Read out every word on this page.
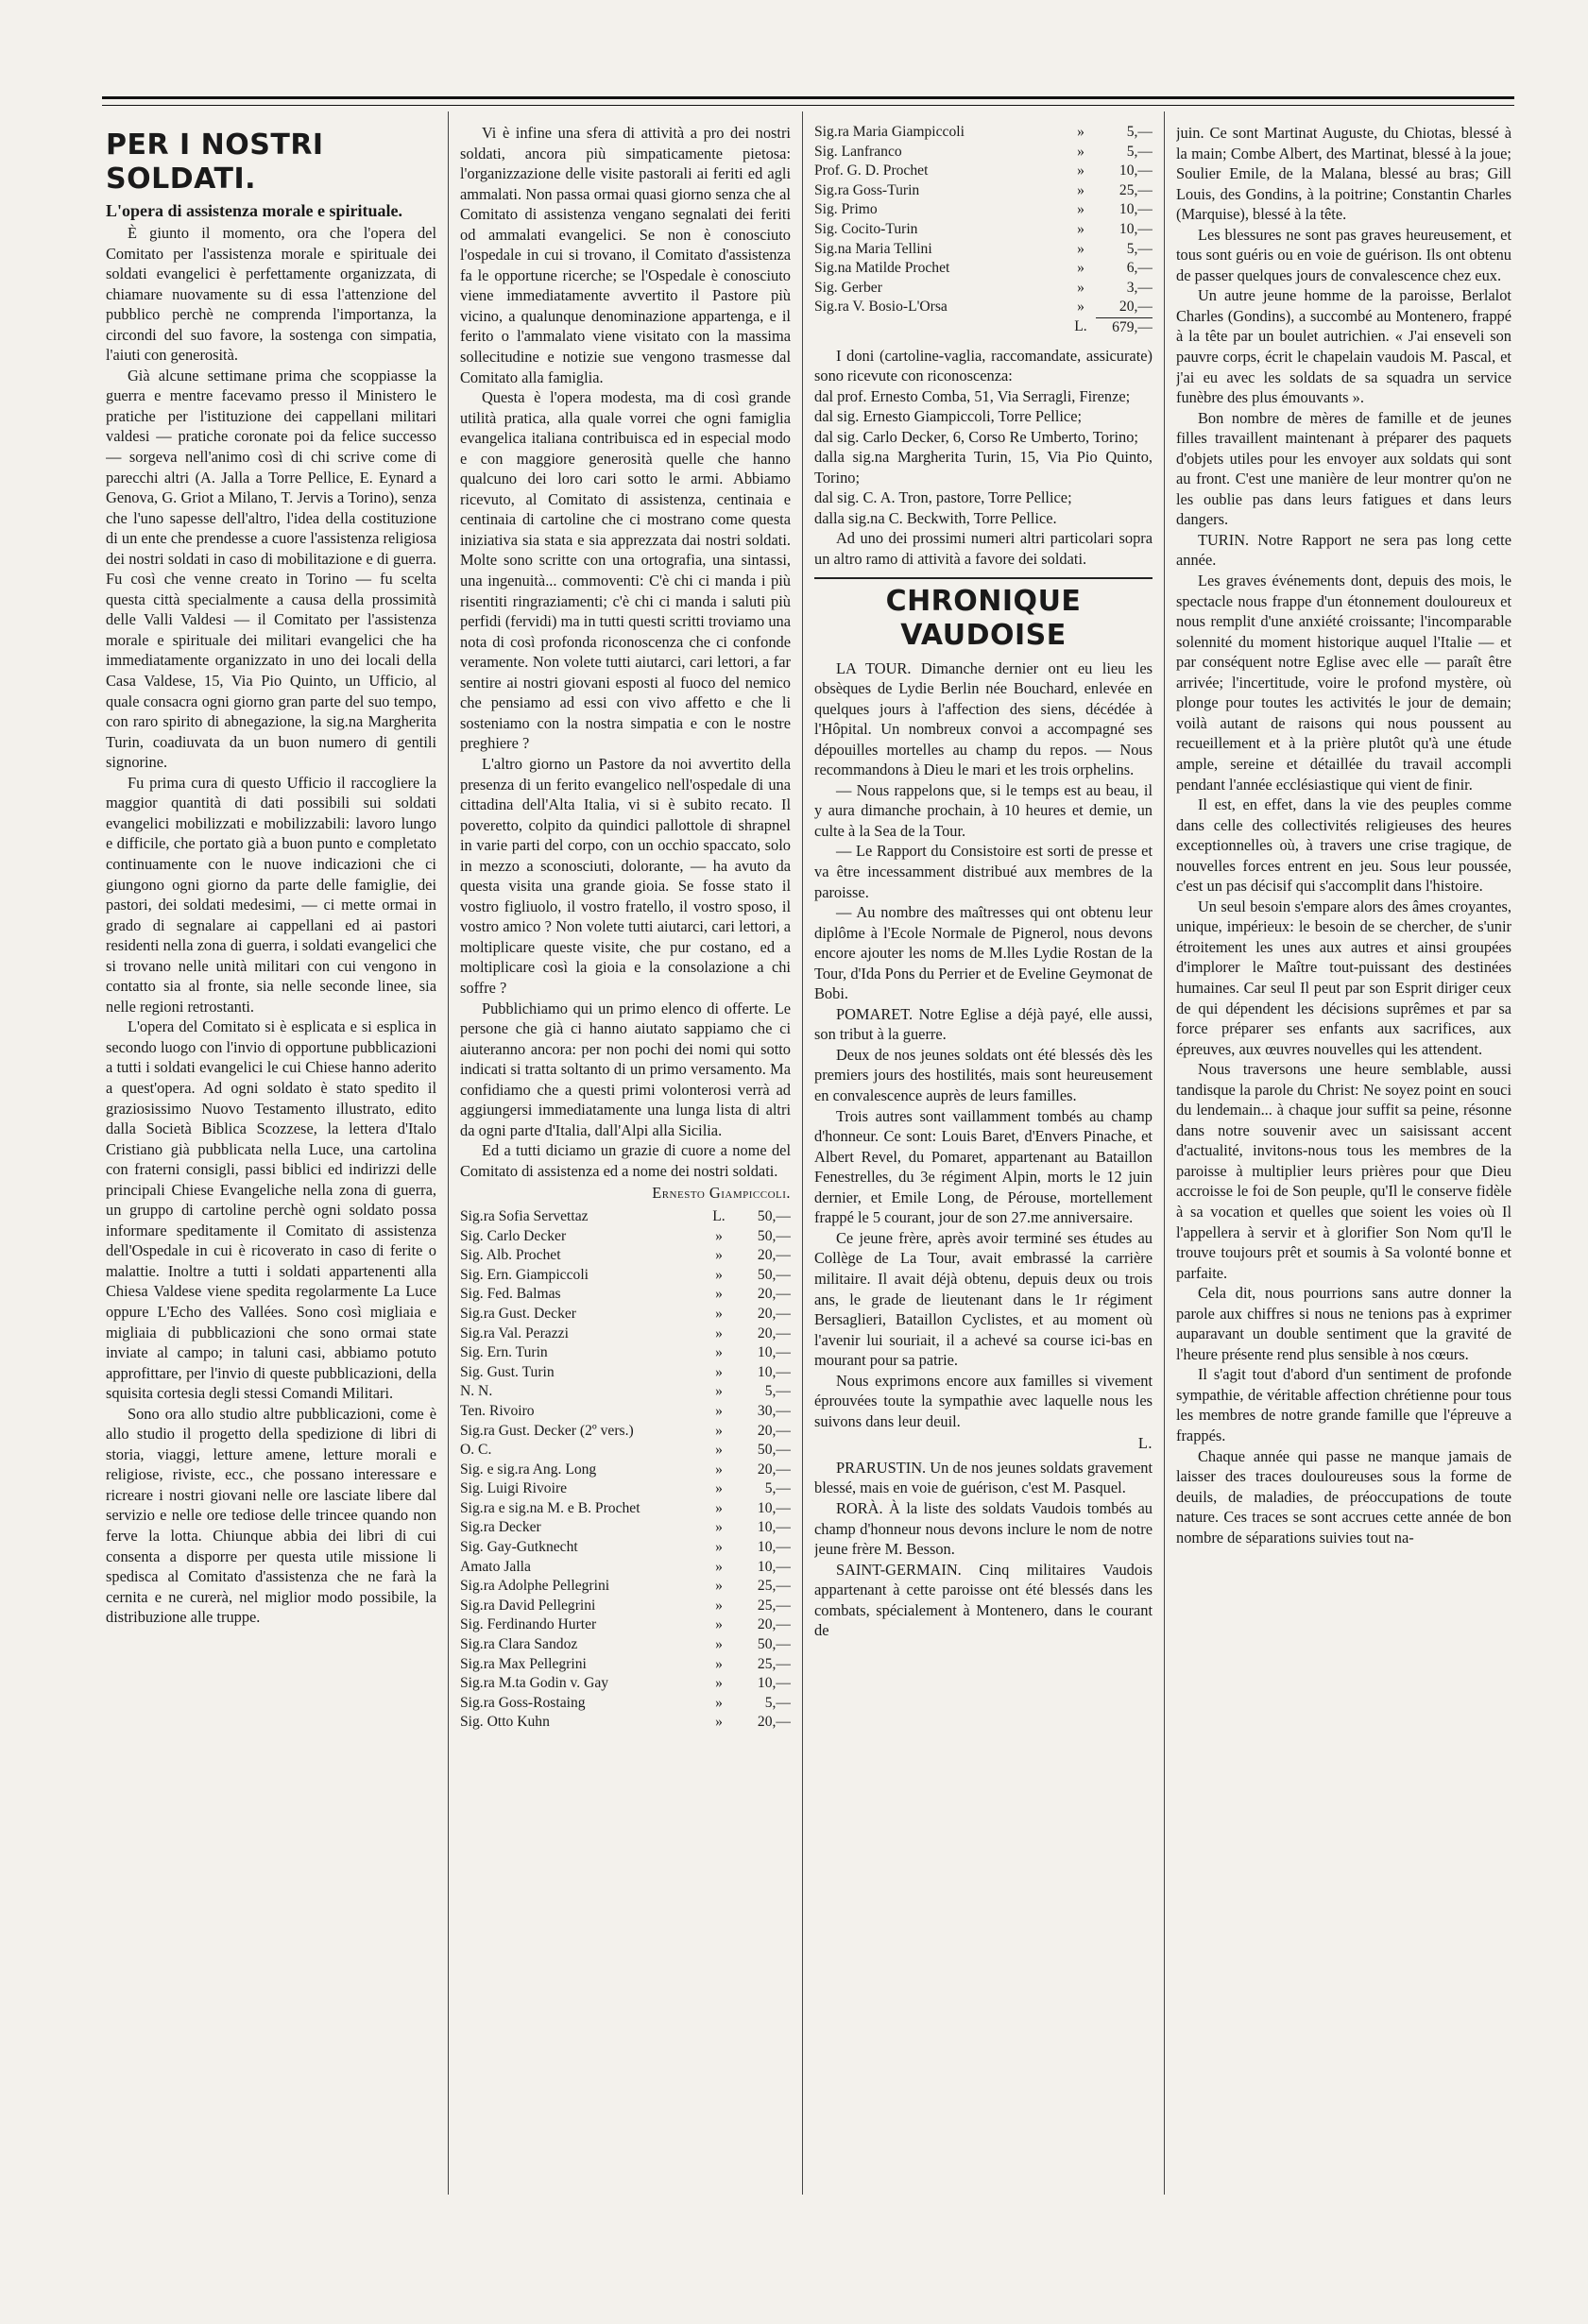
PER I NOSTRI SOLDATI.

L'opera di assistenza morale e spirituale.

È giunto il momento, ora che l'opera del Comitato per l'assistenza morale e spirituale dei soldati evangelici è perfettamente organizzata, di chiamare nuovamente su di essa l'attenzione del pubblico perchè ne comprenda l'importanza, la circondi del suo favore, la sostenga con simpatia, l'aiuti con generosità.

Già alcune settimane prima che scoppiasse la guerra e mentre facevamo presso il Ministero le pratiche per l'istituzione dei cappellani militari valdesi — pratiche coronate poi da felice successo — sorgeva nell'animo così di chi scrive come di parecchi altri (A. Jalla a Torre Pellice, E. Eynard a Genova, G. Griot a Milano, T. Jervis a Torino), senza che l'uno sapesse dell'altro, l'idea della costituzione di un ente che prendesse a cuore l'assistenza religiosa dei nostri soldati in caso di mobilitazione e di guerra. Fu così che venne creato in Torino — fu scelta questa città specialmente a causa della prossimità delle Valli Valdesi — il Comitato per l'assistenza morale e spirituale dei militari evangelici che ha immediatamente organizzato in uno dei locali della Casa Valdese, 15, Via Pio Quinto, un Ufficio, al quale consacra ogni giorno gran parte del suo tempo, con raro spirito di abnegazione, la sig.na Margherita Turin, coadiuvata da un buon numero di gentili signorine.

Fu prima cura di questo Ufficio il raccogliere la maggior quantità di dati possibili sui soldati evangelici mobilizzati e mobilizzabili: lavoro lungo e difficile, che portato già a buon punto e completato continuamente con le nuove indicazioni che ci giungono ogni giorno da parte delle famiglie, dei pastori, dei soldati medesimi, — ci mette ormai in grado di segnalare ai cappellani ed ai pastori residenti nella zona di guerra, i soldati evangelici che si trovano nelle unità militari con cui vengono in contatto sia al fronte, sia nelle seconde linee, sia nelle regioni retrostanti.

L'opera del Comitato si è esplicata e si esplica in secondo luogo con l'invio di opportune pubblicazioni a tutti i soldati evangelici le cui Chiese hanno aderito a quest'opera. Ad ogni soldato è stato spedito il graziosissimo Nuovo Testamento illustrato, edito dalla Società Biblica Scozzese, la lettera d'Italo Cristiano già pubblicata nella Luce, una cartolina con fraterni consigli, passi biblici ed indirizzi delle principali Chiese Evangeliche nella zona di guerra, un gruppo di cartoline perchè ogni soldato possa informare speditamente il Comitato di assistenza dell'Ospedale in cui è ricoverato in caso di ferite o malattie. Inoltre a tutti i soldati appartenenti alla Chiesa Valdese viene spedita regolarmente La Luce oppure L'Echo des Vallées. Sono così migliaia e migliaia di pubblicazioni che sono ormai state inviate al campo; in taluni casi, abbiamo potuto approfittare, per l'invio di queste pubblicazioni, della squisita cortesia degli stessi Comandi Militari.

Sono ora allo studio altre pubblicazioni, come è allo studio il progetto della spedizione di libri di storia, viaggi, letture amene, letture morali e religiose, riviste, ecc., che possano interessare e ricreare i nostri giovani nelle ore lasciate libere dal servizio e nelle ore tediose delle trincee quando non ferve la lotta. Chiunque abbia dei libri di cui consenta a disporre per questa utile missione li spedisca al Comitato d'assistenza che ne farà la cernita e ne curerà, nel miglior modo possibile, la distribuzione alle truppe.

Vi è infine una sfera di attività a pro dei nostri soldati, ancora più simpaticamente pietosa: l'organizzazione delle visite pastorali ai feriti ed agli ammalati. Non passa ormai quasi giorno senza che al Comitato di assistenza vengano segnalati dei feriti od ammalati evangelici. Se non è conosciuto l'ospedale in cui si trovano, il Comitato d'assistenza fa le opportune ricerche; se l'Ospedale è conosciuto viene immediatamente avvertito il Pastore più vicino, a qualunque denominazione appartenga, e il ferito o l'ammalato viene visitato con la massima sollecitudine e notizie sue vengono trasmesse dal Comitato alla famiglia.

Questa è l'opera modesta, ma di così grande utilità pratica, alla quale vorrei che ogni famiglia evangelica italiana contribuisca ed in especial modo e con maggiore generosità quelle che hanno qualcuno dei loro cari sotto le armi. Abbiamo ricevuto, al Comitato di assistenza, centinaia e centinaia di cartoline che ci mostrano come questa iniziativa sia stata e sia apprezzata dai nostri soldati. Molte sono scritte con una ortografia, una sintassi, una ingenuità... commoventi: C'è chi ci manda i più risentiti ringraziamenti; c'è chi ci manda i saluti più perfidi (fervidi) ma in tutti questi scritti troviamo una nota di così profonda riconoscenza che ci confonde veramente. Non volete tutti aiutarci, cari lettori, a far sentire ai nostri giovani esposti al fuoco del nemico che pensiamo ad essi con vivo affetto e che li sosteniamo con la nostra simpatia e con le nostre preghiere ?

L'altro giorno un Pastore da noi avvertito della presenza di un ferito evangelico nell'ospedale di una cittadina dell'Alta Italia, vi si è subito recato. Il poveretto, colpito da quindici pallottole di shrapnel in varie parti del corpo, con un occhio spaccato, solo in mezzo a sconosciuti, dolorante, — ha avuto da questa visita una grande gioia. Se fosse stato il vostro figliuolo, il vostro fratello, il vostro sposo, il vostro amico ? Non volete tutti aiutarci, cari lettori, a moltiplicare queste visite, che pur costano, ed a moltiplicare così la gioia e la consolazione a chi soffre ?

Pubblichiamo qui un primo elenco di offerte. Le persone che già ci hanno aiutato sappiamo che ci aiuteranno ancora: per non pochi dei nomi qui sotto indicati si tratta soltanto di un primo versamento. Ma confidiamo che a questi primi volonterosi verrà ad aggiungersi immediatamente una lunga lista di altri da ogni parte d'Italia, dall'Alpi alla Sicilia.

Ed a tutti diciamo un grazie di cuore a nome del Comitato di assistenza ed a nome dei nostri soldati.

Ernesto Giampiccoli.
Sig.ra Sofia Servettaz	L.	50,—
Sig. Carlo Decker	»	50,—
Sig. Alb. Prochet	»	20,—
Sig. Ern. Giampiccoli	»	50,—
Sig. Fed. Balmas	»	20,—
Sig.ra Gust. Decker	»	20,—
Sig.ra Val. Perazzi	»	20,—
Sig. Ern. Turin	»	10,—
Sig. Gust. Turin	»	10,—
N. N.	»	5,—
Ten. Rivoiro	»	30,—
Sig.ra Gust. Decker (2º vers.)	»	20,—
O. C.	»	50,—
Sig. e sig.ra Ang. Long	»	20,—
Sig. Luigi Rivoire	»	5,—
Sig.ra e sig.na M. e B. Prochet	»	10,—
Sig.ra Decker	»	10,—
Sig. Gay-Gutknecht	»	10,—
Amato Jalla	»	10,—
Sig.ra Adolphe Pellegrini	»	25,—
Sig.ra David Pellegrini	»	25,—
Sig. Ferdinando Hurter	»	20,—
Sig.ra Clara Sandoz	»	50,—
Sig.ra Max Pellegrini	»	25,—
Sig.ra M.ta Godin v. Gay	»	10,—
Sig.ra Goss-Rostaing	»	5,—
Sig. Otto Kuhn	»	20,—
Sig.ra Maria Giampiccoli	»	5,—
Sig. Lanfranco	»	5,—
Prof. G. D. Prochet	»	10,—
Sig.ra Goss-Turin	»	25,—
Sig. Primo	»	10,—
Sig. Cocito-Turin	»	10,—
Sig.na Maria Tellini	»	5,—
Sig.na Matilde Prochet	»	6,—
Sig. Gerber	»	3,—
Sig.ra V. Bosio-L'Orsa	»	20,—
	L.	679,—

I doni (cartoline-vaglia, raccomandate, assicurate) sono ricevute con riconoscenza:

dal prof. Ernesto Comba, 51, Via Serragli, Firenze;

dal sig. Ernesto Giampiccoli, Torre Pellice;

dal sig. Carlo Decker, 6, Corso Re Umberto, Torino;

dalla sig.na Margherita Turin, 15, Via Pio Quinto, Torino;

dal sig. C. A. Tron, pastore, Torre Pellice;

dalla sig.na C. Beckwith, Torre Pellice.

Ad uno dei prossimi numeri altri particolari sopra un altro ramo di attività a favore dei soldati.

CHRONIQUE VAUDOISE

LA TOUR. Dimanche dernier ont eu lieu les obsèques de Lydie Berlin née Bouchard, enlevée en quelques jours à l'affection des siens, décédée à l'Hôpital. Un nombreux convoi a accompagné ses dépouilles mortelles au champ du repos. — Nous recommandons à Dieu le mari et les trois orphelins.

— Nous rappelons que, si le temps est au beau, il y aura dimanche prochain, à 10 heures et demie, un culte à la Sea de la Tour.

— Le Rapport du Consistoire est sorti de presse et va être incessamment distribué aux membres de la paroisse.

— Au nombre des maîtresses qui ont obtenu leur diplôme à l'Ecole Normale de Pignerol, nous devons encore ajouter les noms de M.lles Lydie Rostan de la Tour, d'Ida Pons du Perrier et de Eveline Geymonat de Bobi.

POMARET. Notre Eglise a déjà payé, elle aussi, son tribut à la guerre.

Deux de nos jeunes soldats ont été blessés dès les premiers jours des hostilités, mais sont heureusement en convalescence auprès de leurs familles.

Trois autres sont vaillamment tombés au champ d'honneur. Ce sont: Louis Baret, d'Envers Pinache, et Albert Revel, du Pomaret, appartenant au Bataillon Fenestrelles, du 3e régiment Alpin, morts le 12 juin dernier, et Emile Long, de Pérouse, mortellement frappé le 5 courant, jour de son 27.me anniversaire.

Ce jeune frère, après avoir terminé ses études au Collège de La Tour, avait embrassé la carrière militaire. Il avait déjà obtenu, depuis deux ou trois ans, le grade de lieutenant dans le 1r régiment Bersaglieri, Bataillon Cyclistes, et au moment où l'avenir lui souriait, il a achevé sa course ici-bas en mourant pour sa patrie.

Nous exprimons encore aux familles si vivement éprouvées toute la sympathie avec laquelle nous les suivons dans leur deuil.

L.

PRARUSTIN. Un de nos jeunes soldats gravement blessé, mais en voie de guérison, c'est M. Pasquel.

RORÀ. À la liste des soldats Vaudois tombés au champ d'honneur nous devons inclure le nom de notre jeune frère M. Besson.

SAINT-GERMAIN. Cinq militaires Vaudois appartenant à cette paroisse ont été blessés dans les combats, spécialement à Montenero, dans le courant de

juin. Ce sont Martinat Auguste, du Chiotas, blessé à la main; Combe Albert, des Martinat, blessé à la joue; Soulier Emile, de la Malana, blessé au bras; Gill Louis, des Gondins, à la poitrine; Constantin Charles (Marquise), blessé à la tête.

Les blessures ne sont pas graves heureusement, et tous sont guéris ou en voie de guérison. Ils ont obtenu de passer quelques jours de convalescence chez eux.

Un autre jeune homme de la paroisse, Berlalot Charles (Gondins), a succombé au Montenero, frappé à la tête par un boulet autrichien. « J'ai enseveli son pauvre corps, écrit le chapelain vaudois M. Pascal, et j'ai eu avec les soldats de sa squadra un service funèbre des plus émouvants ».

Bon nombre de mères de famille et de jeunes filles travaillent maintenant à préparer des paquets d'objets utiles pour les envoyer aux soldats qui sont au front. C'est une manière de leur montrer qu'on ne les oublie pas dans leurs fatigues et dans leurs dangers.

TURIN. Notre Rapport ne sera pas long cette année.

Les graves événements dont, depuis des mois, le spectacle nous frappe d'un étonnement douloureux et nous remplit d'une anxiété croissante; l'incomparable solennité du moment historique auquel l'Italie — et par conséquent notre Eglise avec elle — paraît être arrivée; l'incertitude, voire le profond mystère, où plonge pour toutes les activités le jour de demain; voilà autant de raisons qui nous poussent au recueillement et à la prière plutôt qu'à une étude ample, sereine et détaillée du travail accompli pendant l'année ecclésiastique qui vient de finir.

Il est, en effet, dans la vie des peuples comme dans celle des collectivités religieuses des heures exceptionnelles où, à travers une crise tragique, de nouvelles forces entrent en jeu. Sous leur poussée, c'est un pas décisif qui s'accomplit dans l'histoire.

Un seul besoin s'empare alors des âmes croyantes, unique, impérieux: le besoin de se chercher, de s'unir étroitement les unes aux autres et ainsi groupées d'implorer le Maître tout-puissant des destinées humaines. Car seul Il peut par son Esprit diriger ceux de qui dépendent les décisions suprêmes et par sa force préparer ses enfants aux sacrifices, aux épreuves, aux œuvres nouvelles qui les attendent.

Nous traversons une heure semblable, aussi tandisque la parole du Christ: Ne soyez point en souci du lendemain... à chaque jour suffit sa peine, résonne dans notre souvenir avec un saisissant accent d'actualité, invitons-nous tous les membres de la paroisse à multiplier leurs prières pour que Dieu accroisse le foi de Son peuple, qu'Il le conserve fidèle à sa vocation et quelles que soient les voies où Il l'appellera à servir et à glorifier Son Nom qu'Il le trouve toujours prêt et soumis à Sa volonté bonne et parfaite.

Cela dit, nous pourrions sans autre donner la parole aux chiffres si nous ne tenions pas à exprimer auparavant un double sentiment que la gravité de l'heure présente rend plus sensible à nos cœurs.

Il s'agit tout d'abord d'un sentiment de profonde sympathie, de véritable affection chrétienne pour tous les membres de notre grande famille que l'épreuve a frappés.

Chaque année qui passe ne manque jamais de laisser des traces douloureuses sous la forme de deuils, de maladies, de préoccupations de toute nature. Ces traces se sont accrues cette année de bon nombre de séparations suivies tout na-
